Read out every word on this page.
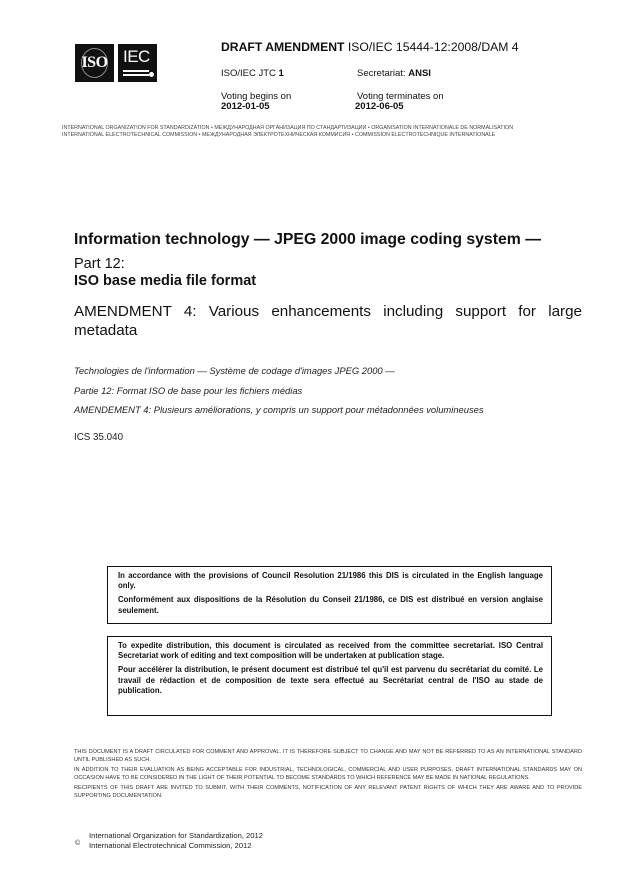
ISO IEC	DRAFT AMENDMENT ISO/IEC 15444-12:2008/DAM 4
ISO/IEC JTC 1	Secretariat: ANSI
Voting begins on
2012-01-05
Voting terminates on
2012-06-05
INTERNATIONAL ORGANIZATION FOR STANDARDIZATION • МЕЖДУНАРОДНАЯ ОРГАНИЗАЦИЯ ПО СТАНДАРТИЗАЦИИ • ORGANISATION INTERNATIONALE DE NORMALISATION
INTERNATIONAL ELECTROTECHNICAL COMMISSION • МЕЖДУНАРОДНАЯ ЭЛЕКТРОТЕХНИЧЕСКАЯ КОММИСИЯ • COMMISSION ÉLECTROTECHNIQUE INTERNATIONALE
Information technology — JPEG 2000 image coding system —
Part 12:
ISO base media file format
AMENDMENT 4: Various enhancements including support for large metadata
Technologies de l'information — Système de codage d'images JPEG 2000 —
Partie 12: Format ISO de base pour les fichiers médias
AMENDEMENT 4: Plusieurs améliorations, y compris un support pour métadonnées volumineuses
ICS 35.040

In accordance with the provisions of Council Resolution 21/1986 this DIS is circulated in the English language only.

Conformément aux dispositions de la Résolution du Conseil 21/1986, ce DIS est distribué en version anglaise seulement.

To expedite distribution, this document is circulated as received from the committee secretariat. ISO Central Secretariat work of editing and text composition will be undertaken at publication stage.

Pour accélérer la distribution, le présent document est distribué tel qu'il est parvenu du secrétariat du comité. Le travail de rédaction et de composition de texte sera effectué au Secrétariat central de l'ISO au stade de publication.

THIS DOCUMENT IS A DRAFT CIRCULATED FOR COMMENT AND APPROVAL. IT IS THEREFORE SUBJECT TO CHANGE AND MAY NOT BE REFERRED TO AS AN INTERNATIONAL STANDARD UNTIL PUBLISHED AS SUCH.

IN ADDITION TO THEIR EVALUATION AS BEING ACCEPTABLE FOR INDUSTRIAL, TECHNOLOGICAL, COMMERCIAL AND USER PURPOSES, DRAFT INTERNATIONAL STANDARDS MAY ON OCCASION HAVE TO BE CONSIDERED IN THE LIGHT OF THEIR POTENTIAL TO BECOME STANDARDS TO WHICH REFERENCE MAY BE MADE IN NATIONAL REGULATIONS.

RECIPIENTS OF THIS DRAFT ARE INVITED TO SUBMIT, WITH THEIR COMMENTS, NOTIFICATION OF ANY RELEVANT PATENT RIGHTS OF WHICH THEY ARE AWARE AND TO PROVIDE SUPPORTING DOCUMENTATION.

©
International Organization for Standardization, 2012
International Electrotechnical Commission, 2012
